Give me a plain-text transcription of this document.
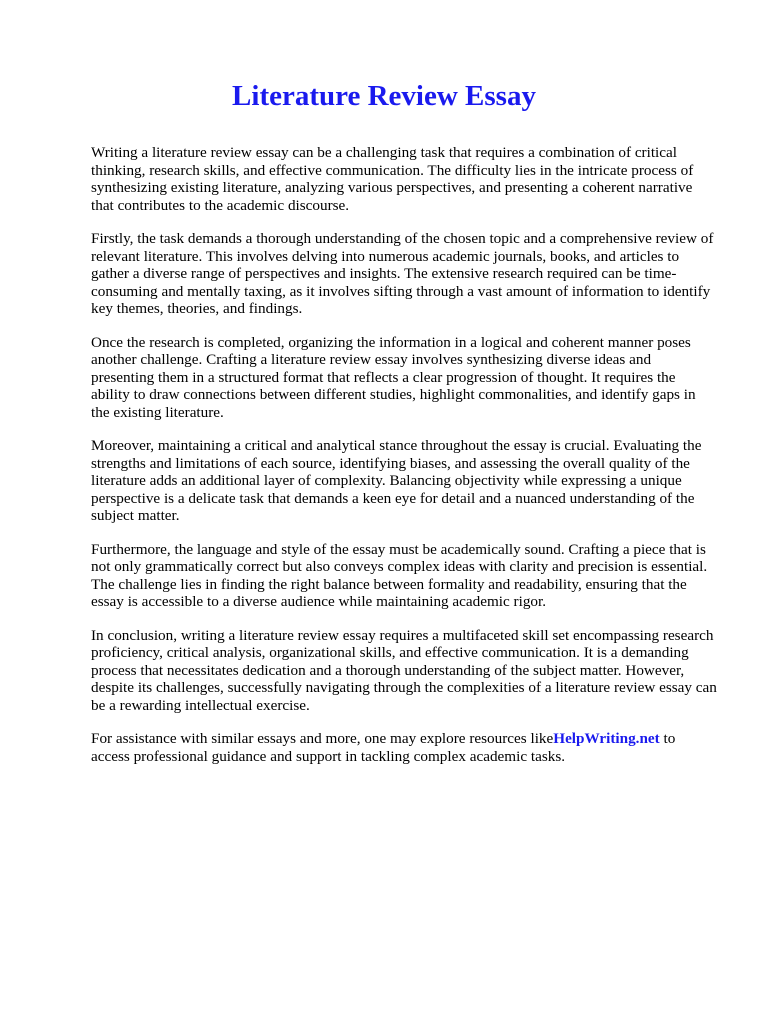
Literature Review Essay

Writing a literature review essay can be a challenging task that requires a combination of critical thinking, research skills, and effective communication. The difficulty lies in the intricate process of synthesizing existing literature, analyzing various perspectives, and presenting a coherent narrative that contributes to the academic discourse.

Firstly, the task demands a thorough understanding of the chosen topic and a comprehensive review of relevant literature. This involves delving into numerous academic journals, books, and articles to gather a diverse range of perspectives and insights. The extensive research required can be time-consuming and mentally taxing, as it involves sifting through a vast amount of information to identify key themes, theories, and findings.

Once the research is completed, organizing the information in a logical and coherent manner poses another challenge. Crafting a literature review essay involves synthesizing diverse ideas and presenting them in a structured format that reflects a clear progression of thought. It requires the ability to draw connections between different studies, highlight commonalities, and identify gaps in the existing literature.

Moreover, maintaining a critical and analytical stance throughout the essay is crucial. Evaluating the strengths and limitations of each source, identifying biases, and assessing the overall quality of the literature adds an additional layer of complexity. Balancing objectivity while expressing a unique perspective is a delicate task that demands a keen eye for detail and a nuanced understanding of the subject matter.

Furthermore, the language and style of the essay must be academically sound. Crafting a piece that is not only grammatically correct but also conveys complex ideas with clarity and precision is essential. The challenge lies in finding the right balance between formality and readability, ensuring that the essay is accessible to a diverse audience while maintaining academic rigor.

In conclusion, writing a literature review essay requires a multifaceted skill set encompassing research proficiency, critical analysis, organizational skills, and effective communication. It is a demanding process that necessitates dedication and a thorough understanding of the subject matter. However, despite its challenges, successfully navigating through the complexities of a literature review essay can be a rewarding intellectual exercise.

For assistance with similar essays and more, one may explore resources likeHelpWriting.net to access professional guidance and support in tackling complex academic tasks.
